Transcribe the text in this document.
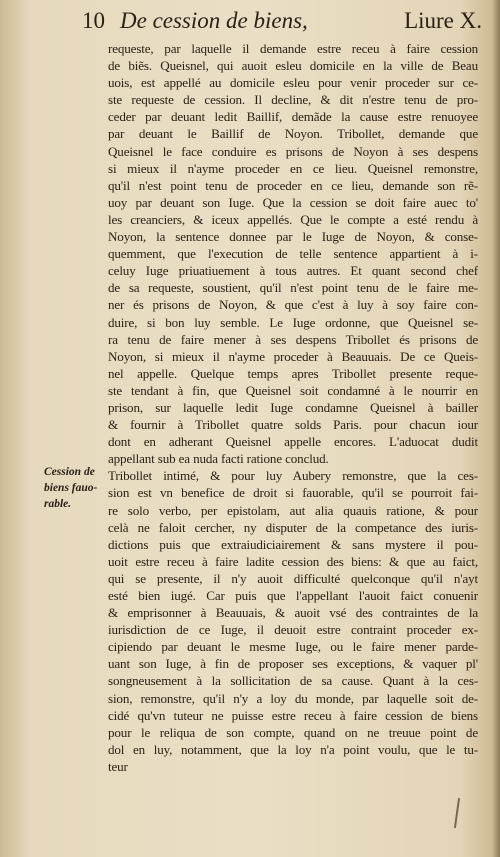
10 De cession de biens,	Liure X.
Cession de
biens fauo-
rable.
requeste, par laquelle il demande estre receu à faire cession
de biẽs. Queisnel, qui auoit esleu domicile en la ville de Beau
uois, est appellé au domicile esleu pour venir proceder sur ce-
ste requeste de cession. Il decline, & dit n'estre tenu de pro-
ceder par deuant ledit Baillif, demãde la cause estre renuoyee
par deuant le Baillif de Noyon. Tribollet, demande que
Queisnel le face conduire es prisons de Noyon à ses despens
si mieux il n'ayme proceder en ce lieu. Queisnel remonstre,
qu'il n'est point tenu de proceder en ce lieu, demande son rẽ-
uoy par deuant son Iuge. Que la cession se doit faire auec to'
les creanciers, & iceux appellés. Que le compte a esté rendu à
Noyon, la sentence donnee par le Iuge de Noyon, & conse-
quemment, que l'execution de telle sentence appartient à i-
celuy Iuge priuatiuement à tous autres. Et quant second chef
de sa requeste, soustient, qu'il n'est point tenu de le faire me-
ner és prisons de Noyon, & que c'est à luy à soy faire con-
duire, si bon luy semble. Le Iuge ordonne, que Queisnel se-
ra tenu de faire mener à ses despens Tribollet és prisons de
Noyon, si mieux il n'ayme proceder à Beauuais. De ce Queis-
nel appelle. Quelque temps apres Tribollet presente reque-
ste tendant à fin, que Queisnel soit condamné à le nourrir en
prison, sur laquelle ledit Iuge condamne Queisnel à bailler
& fournir à Tribollet quatre solds Paris. pour chacun iour
dont en adherant Queisnel appelle encores. L'aduocat dudit
appellant sub ea nuda facti ratione conclud.
Tribollet intimé, & pour luy Aubery remonstre, que la ces-
sion est vn benefice de droit si fauorable, qu'il se pourroit fai-
re solo verbo, per epistolam, aut alia quauis ratione, & pour
celà ne faloit cercher, ny disputer de la competance des iuris-
dictions puis que extraiudiciairement & sans mystere il pou-
uoit estre receu à faire ladite cession des biens: & que au faict,
qui se presente, il n'y auoit difficulté quelconque qu'il n'ayt
esté bien iugé. Car puis que l'appellant l'auoit faict conuenir
& emprisonner à Beauuais, & auoit vsé des contraintes de la
iurisdiction de ce Iuge, il deuoit estre contraint proceder ex-
cipiendo par deuant le mesme Iuge, ou le faire mener parde-
uant son Iuge, à fin de proposer ses exceptions, & vaquer pl'
songneusement à la sollicitation de sa cause. Quant à la ces-
sion, remonstre, qu'il n'y a loy du monde, par laquelle soit de-
cidé qu'vn tuteur ne puisse estre receu à faire cession de biens
pour le reliqua de son compte, quand on ne treuue point de
dol en luy, notamment, que la loy n'a point voulu, que le tu-
teur
